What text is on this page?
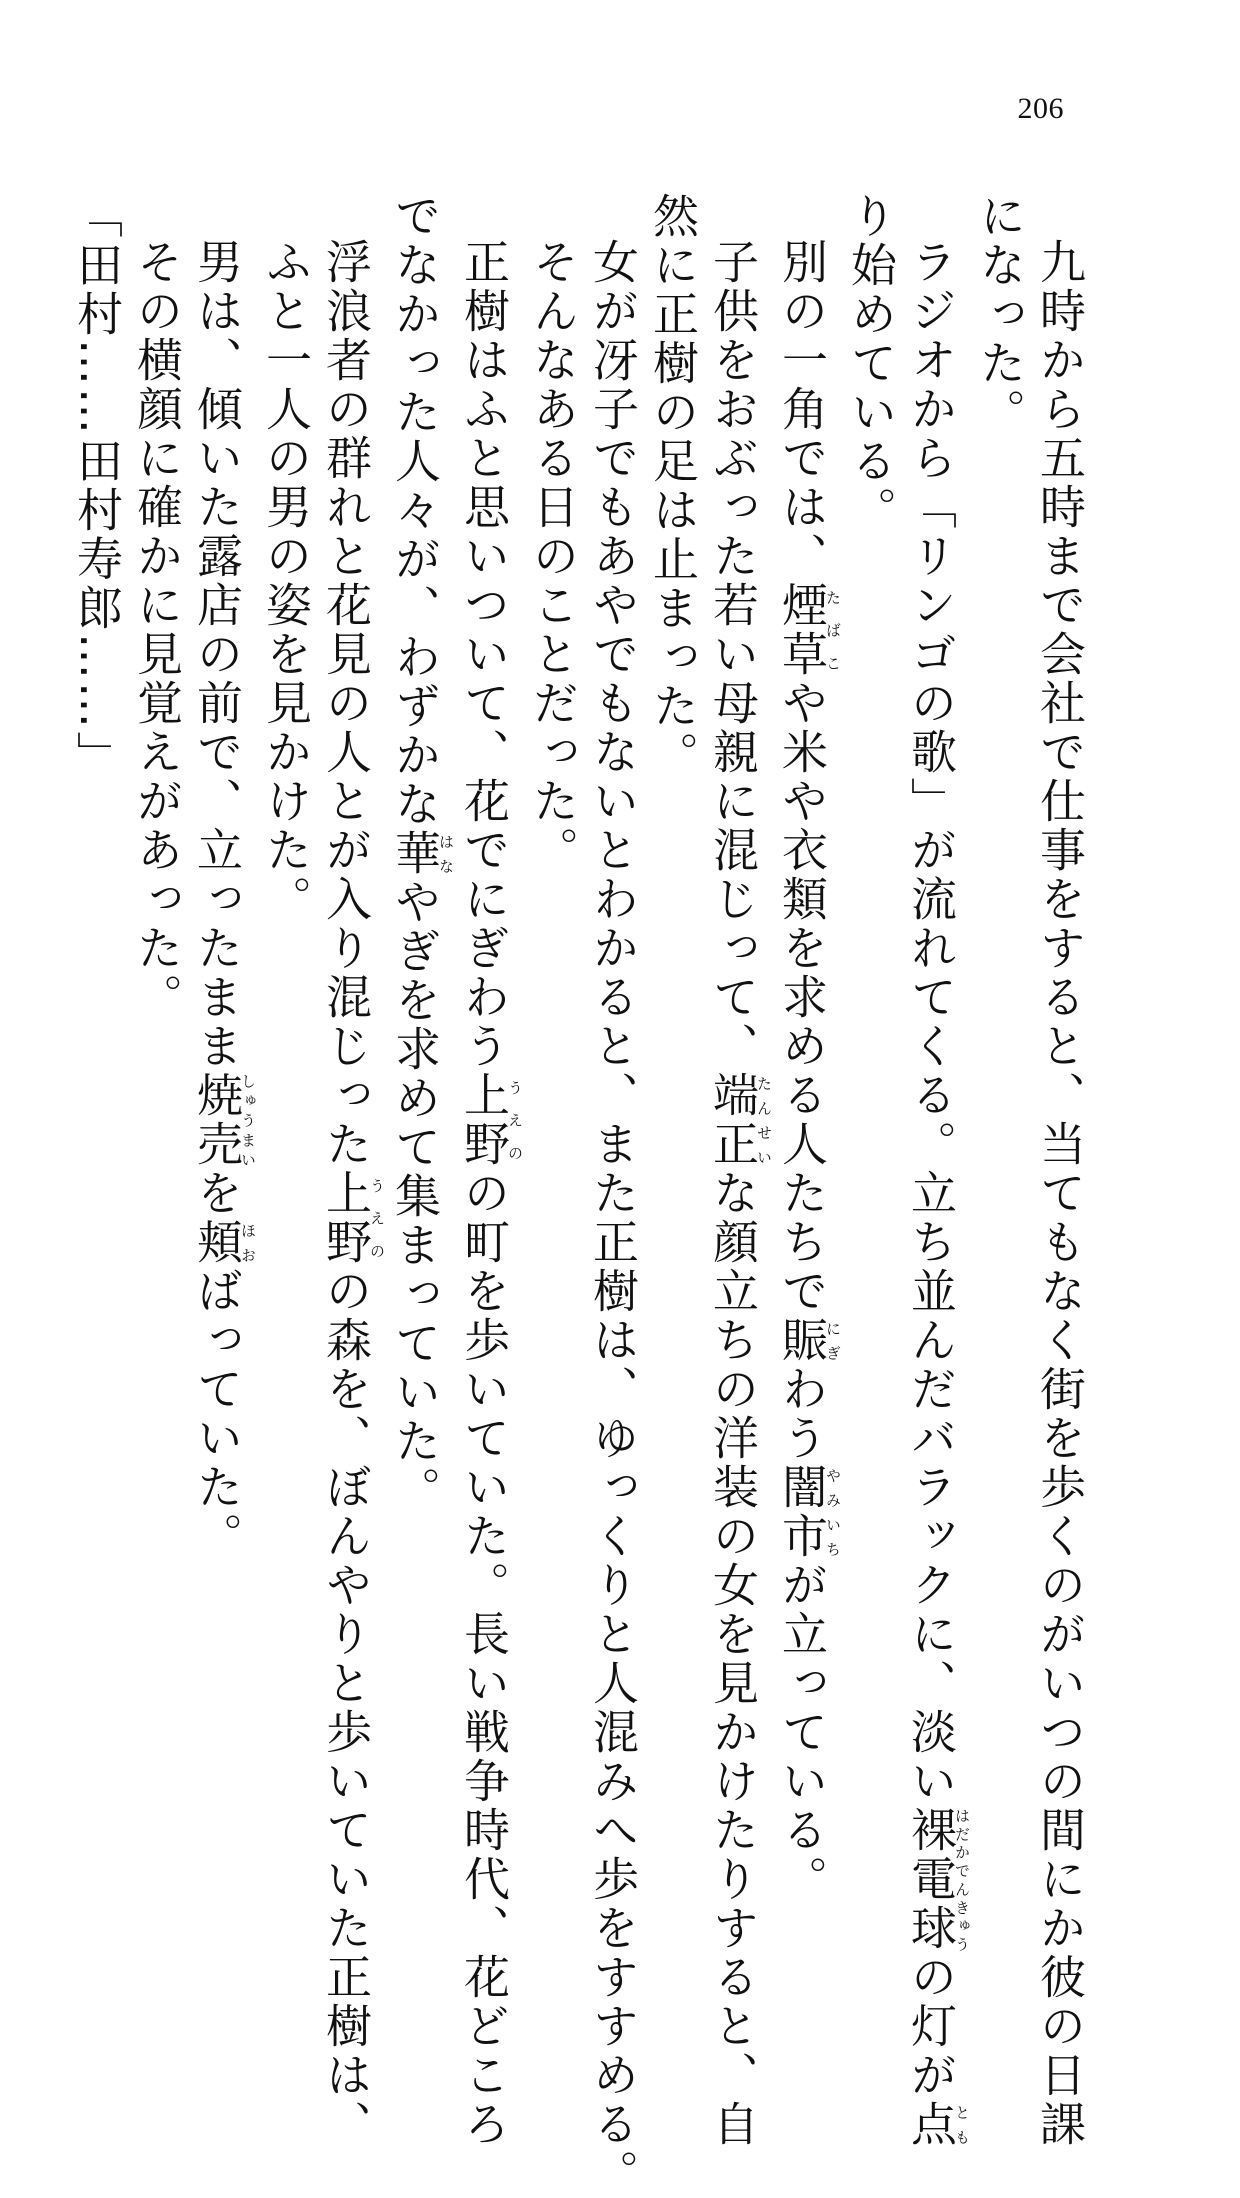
206
九時から五時まで会社で仕事をすると、当てもなく街を歩くのがいつの間にか彼の日課
になった。
ラジオから「リンゴの歌」が流れてくる。立ち並んだバラックに、淡い裸電球はだかでんきゅうの灯が点とも
り始めている。
別の一角では、煙草たばこや米や衣類を求める人たちで賑にぎわう闇市やみいちが立っている。
子供をおぶった若い母親に混じって、端正たんせいな顔立ちの洋装の女を見かけたりすると、自
然に正樹の足は止まった。
女が冴子でもあやでもないとわかると、また正樹は、ゆっくりと人混みへ歩をすすめる。
そんなある日のことだった。
正樹はふと思いついて、花でにぎわう上野うえのの町を歩いていた。長い戦争時代、花どころ
でなかった人々が、わずかな華はなやぎを求めて集まっていた。
浮浪者の群れと花見の人とが入り混じった上野うえのの森を、ぼんやりと歩いていた正樹は、
ふと一人の男の姿を見かけた。
男は、傾いた露店の前で、立ったまま焼売しゅうまいを頬ほおばっていた。
その横顔に確かに見覚えがあった。
「田村……田村寿郎……」
